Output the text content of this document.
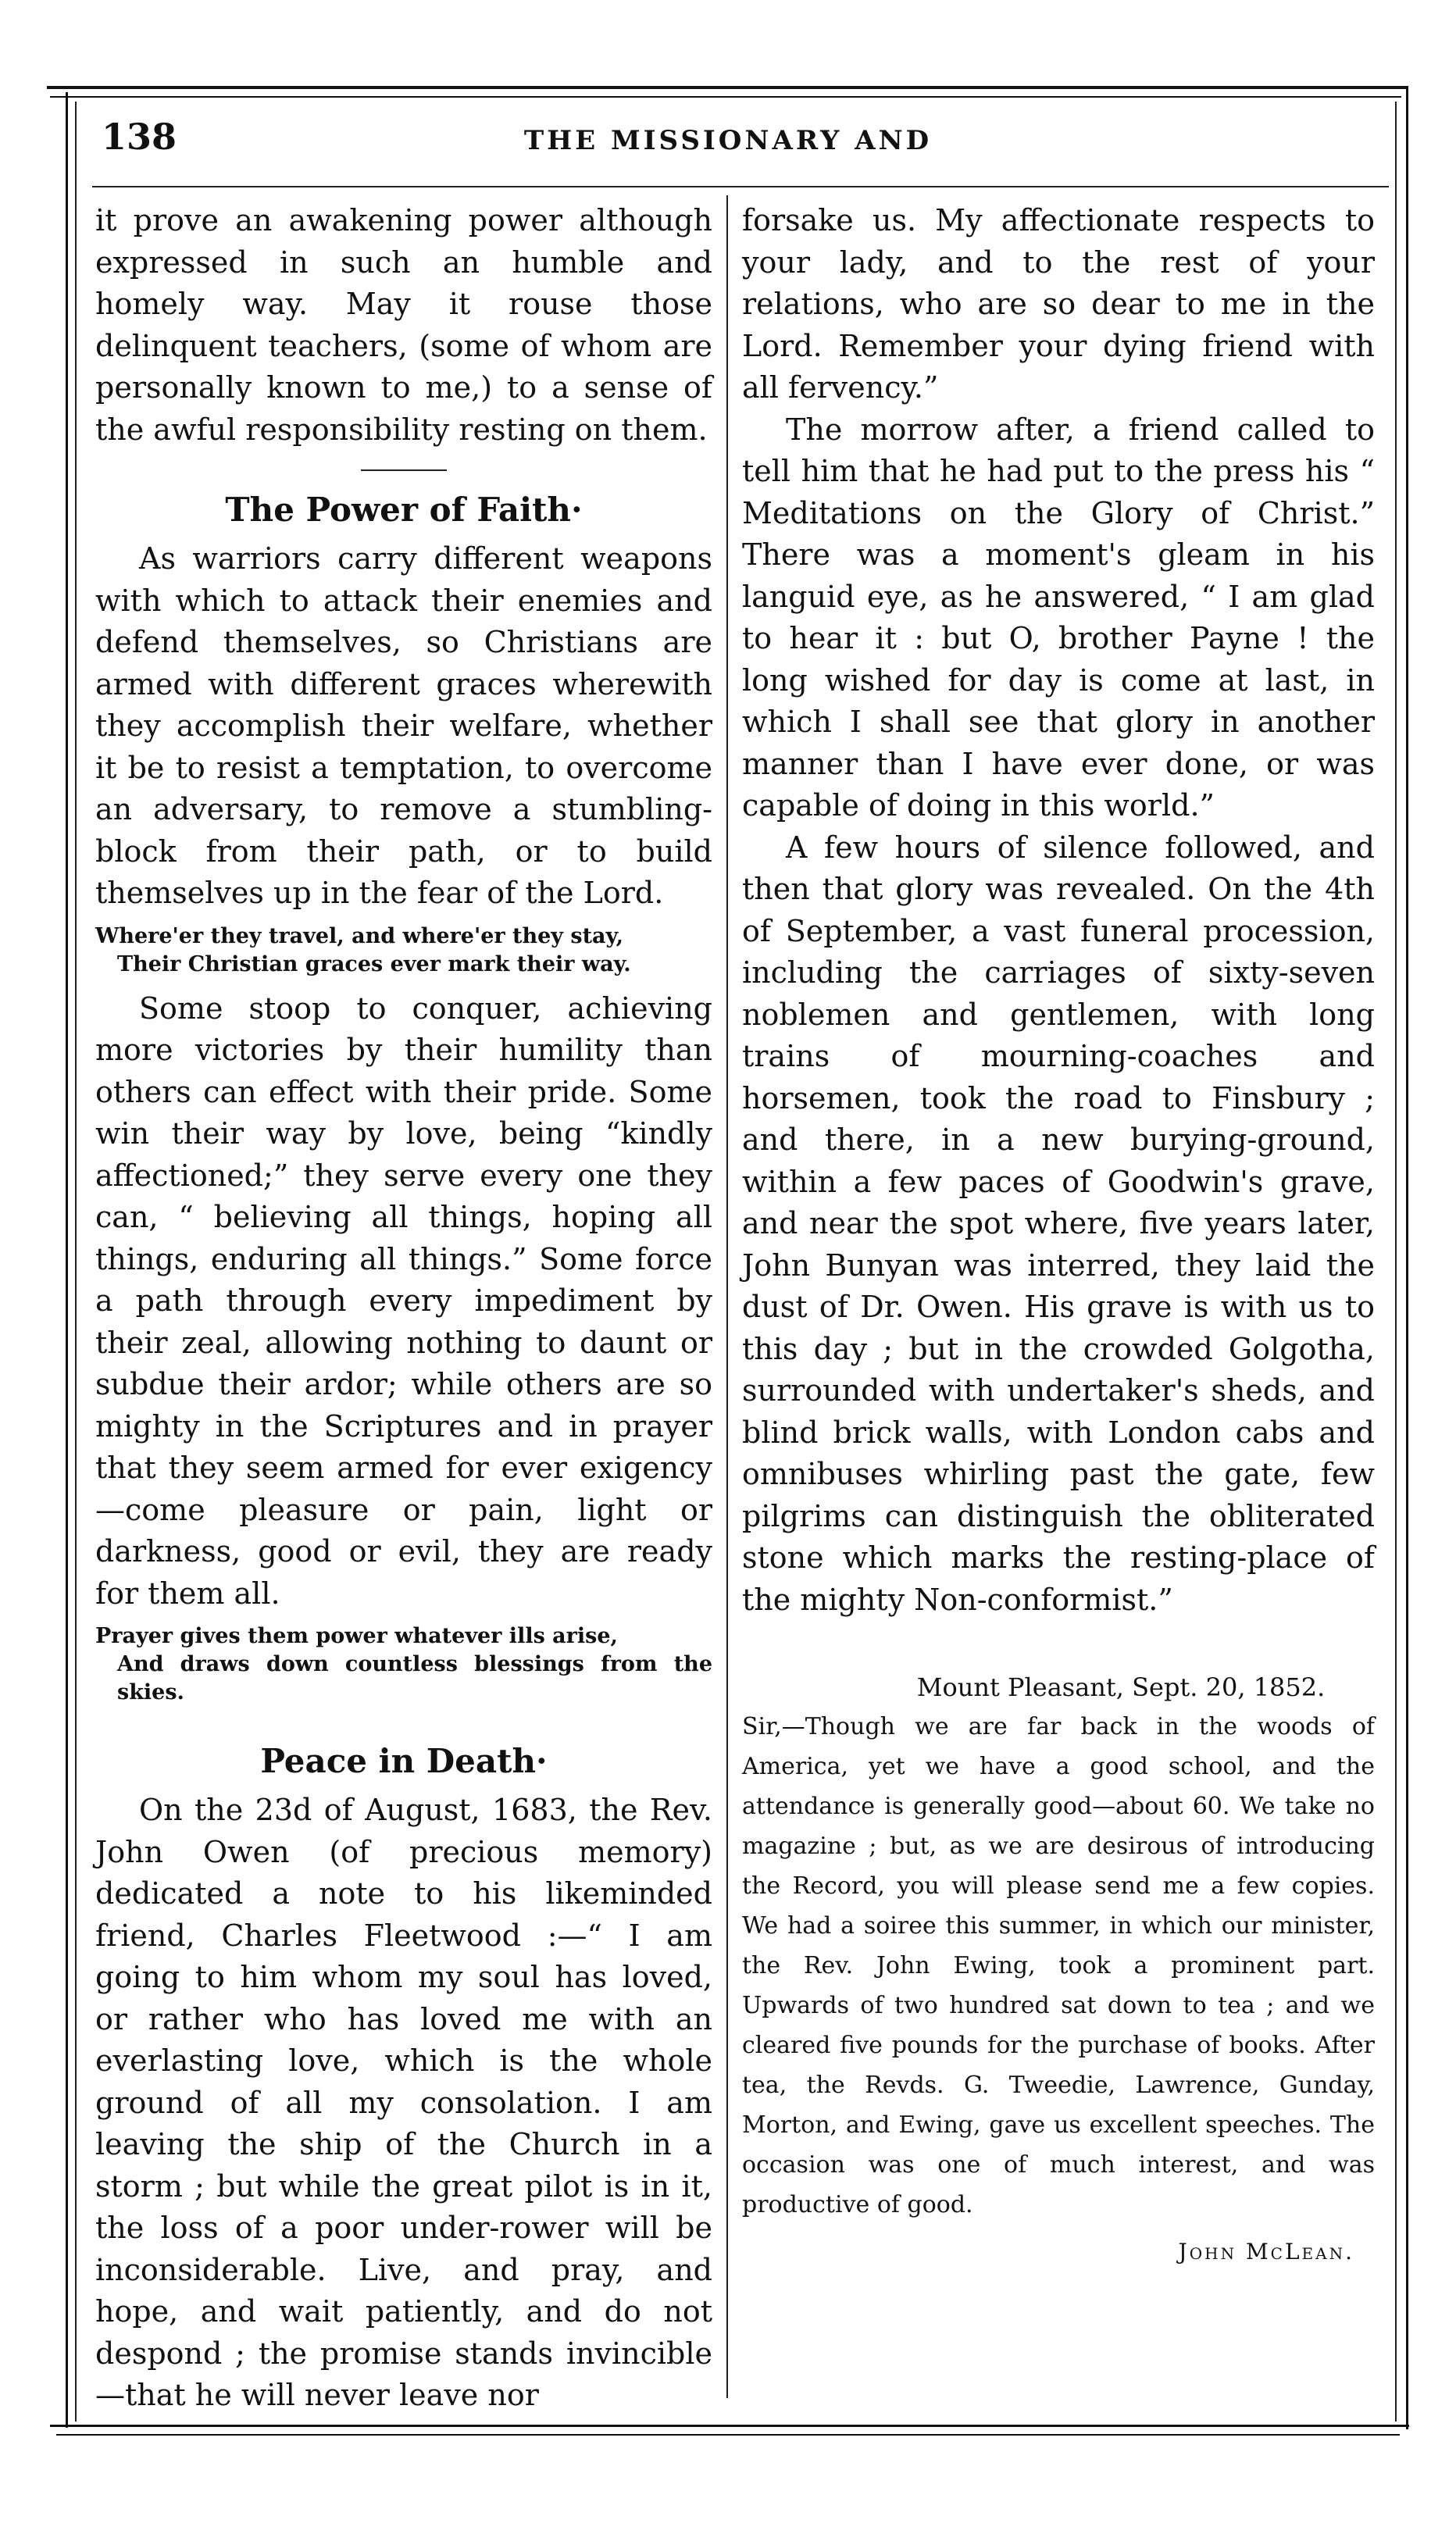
138	THE MISSIONARY AND

it prove an awakening power although expressed in such an humble and homely way. May it rouse those delinquent teachers, (some of whom are personally known to me,) to a sense of the awful responsibility resting on them.

The Power of Faith·

As warriors carry different weapons with which to attack their enemies and defend themselves, so Christians are armed with different graces wherewith they accomplish their welfare, whether it be to resist a temptation, to overcome an adversary, to remove a stumbling-block from their path, or to build themselves up in the fear of the Lord.

Where'er they travel, and where'er they stay,
Their Christian graces ever mark their way.

Some stoop to conquer, achieving more victories by their humility than others can effect with their pride. Some win their way by love, being “kindly affectioned;” they serve every one they can, “ believing all things, hoping all things, enduring all things.” Some force a path through every impediment by their zeal, allowing nothing to daunt or subdue their ardor; while others are so mighty in the Scriptures and in prayer that they seem armed for ever exigency—come pleasure or pain, light or darkness, good or evil, they are ready for them all.

Prayer gives them power whatever ills arise,
And draws down countless blessings from the skies.
Peace in Death·

On the 23d of August, 1683, the Rev. John Owen (of precious memory) dedicated a note to his likeminded friend, Charles Fleetwood :—“ I am going to him whom my soul has loved, or rather who has loved me with an everlasting love, which is the whole ground of all my consolation. I am leaving the ship of the Church in a storm ; but while the great pilot is in it, the loss of a poor under-rower will be inconsiderable. Live, and pray, and hope, and wait patiently, and do not despond ; the promise stands invincible—that he will never leave nor

forsake us. My affectionate respects to your lady, and to the rest of your relations, who are so dear to me in the Lord. Remember your dying friend with all fervency.”

The morrow after, a friend called to tell him that he had put to the press his “ Meditations on the Glory of Christ.” There was a moment's gleam in his languid eye, as he answered, “ I am glad to hear it : but O, brother Payne ! the long wished for day is come at last, in which I shall see that glory in another manner than I have ever done, or was capable of doing in this world.”

A few hours of silence followed, and then that glory was revealed. On the 4th of September, a vast funeral procession, including the carriages of sixty-seven noblemen and gentlemen, with long trains of mourning-coaches and horsemen, took the road to Finsbury ; and there, in a new burying-ground, within a few paces of Goodwin's grave, and near the spot where, five years later, John Bunyan was interred, they laid the dust of Dr. Owen. His grave is with us to this day ; but in the crowded Golgotha, surrounded with undertaker's sheds, and blind brick walls, with London cabs and omnibuses whirling past the gate, few pilgrims can distinguish the obliterated stone which marks the resting-place of the mighty Non-conformist.”

Mount Pleasant, Sept. 20, 1852.

Sir,—Though we are far back in the woods of America, yet we have a good school, and the attendance is generally good—about 60. We take no magazine ; but, as we are desirous of introducing the Record, you will please send me a few copies. We had a soiree this summer, in which our minister, the Rev. John Ewing, took a prominent part. Upwards of two hundred sat down to tea ; and we cleared five pounds for the purchase of books. After tea, the Revds. G. Tweedie, Lawrence, Gunday, Morton, and Ewing, gave us excellent speeches. The occasion was one of much interest, and was productive of good.

John McLean.
